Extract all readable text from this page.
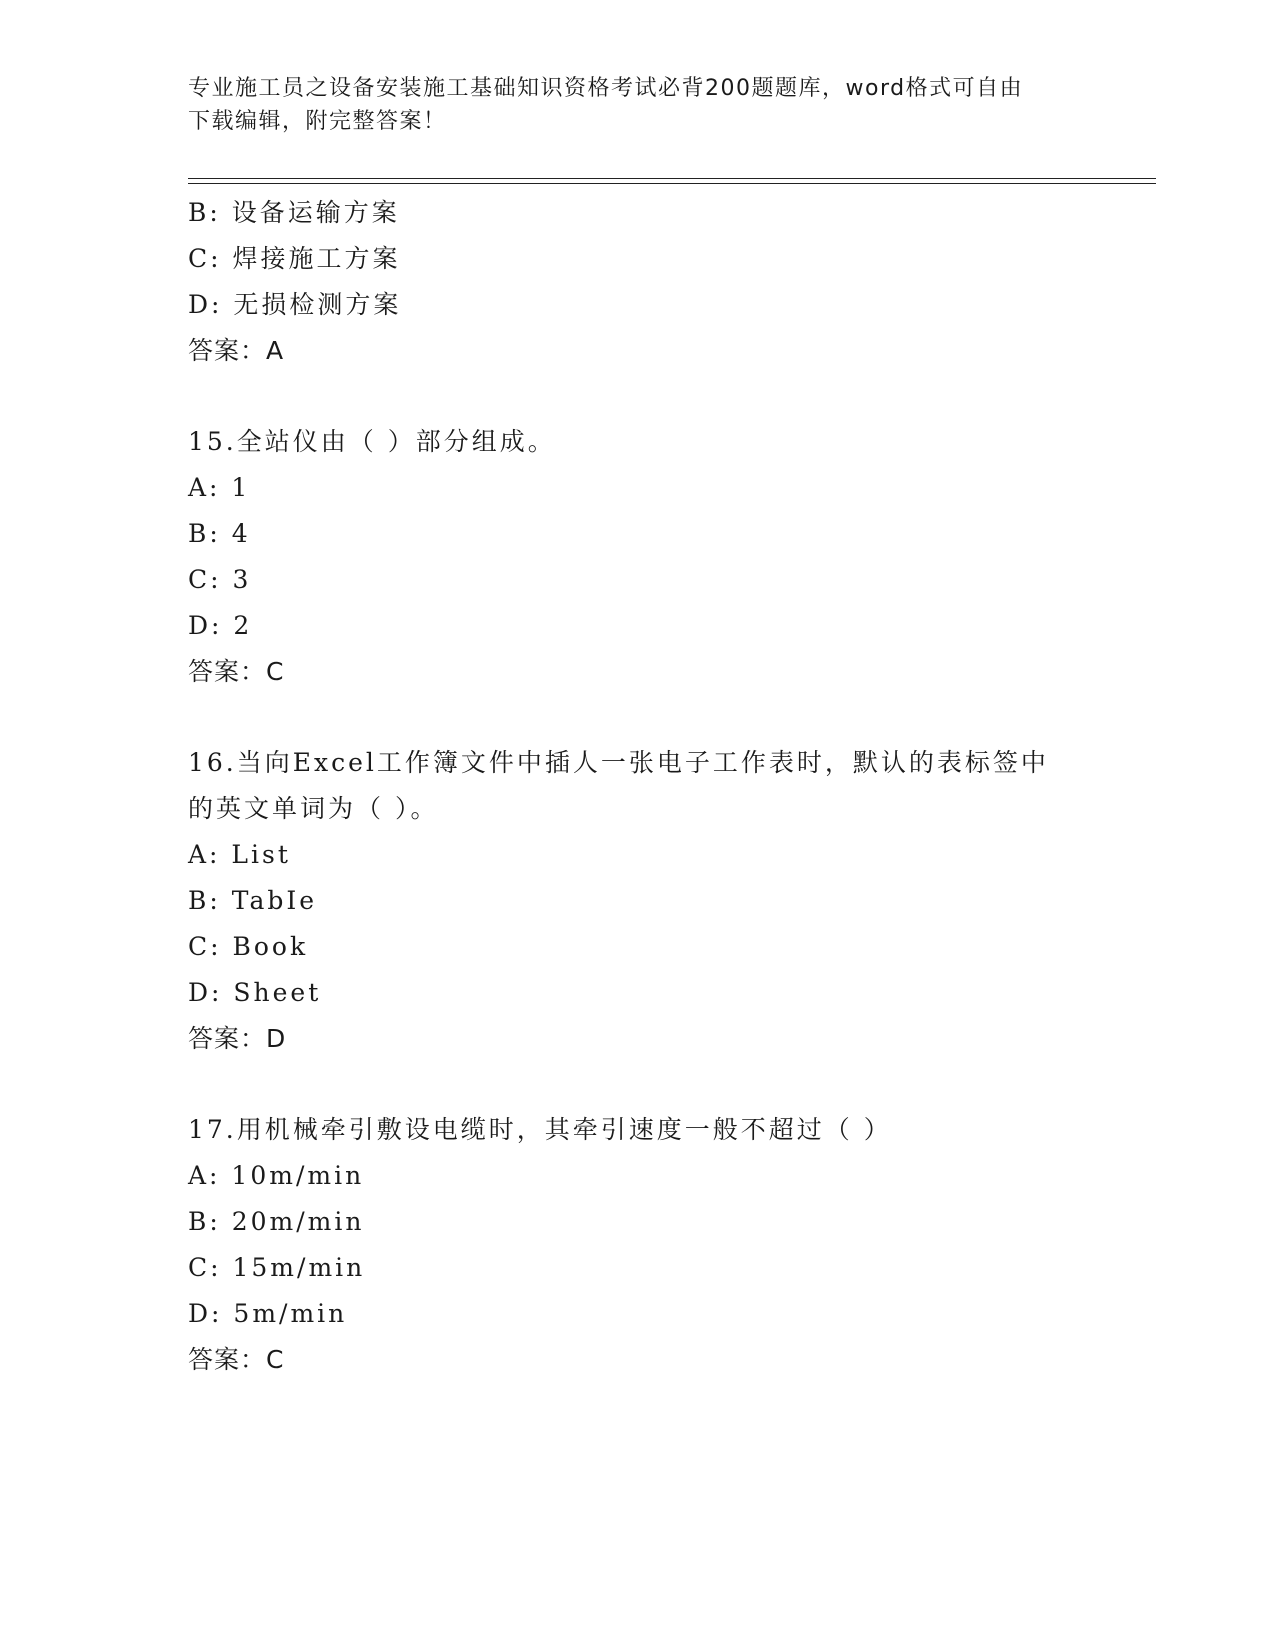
专业施工员之设备安装施工基础知识资格考试必背200题题库，word格式可自由
下载编辑，附完整答案！
B: 设备运输方案
C: 焊接施工方案
D: 无损检测方案
答案：A
15.全站仪由（ ）部分组成。
A: 1
B: 4
C: 3
D: 2
答案：C
16.当向Excel工作簿文件中插人一张电子工作表时，默认的表标签中
的英文单词为（ ）。
A: List
B: TabIe
C: Book
D: Sheet
答案：D
17.用机械牵引敷设电缆时，其牵引速度一般不超过（ ）
A: 10m/min
B: 20m/min
C: 15m/min
D: 5m/min
答案：C
